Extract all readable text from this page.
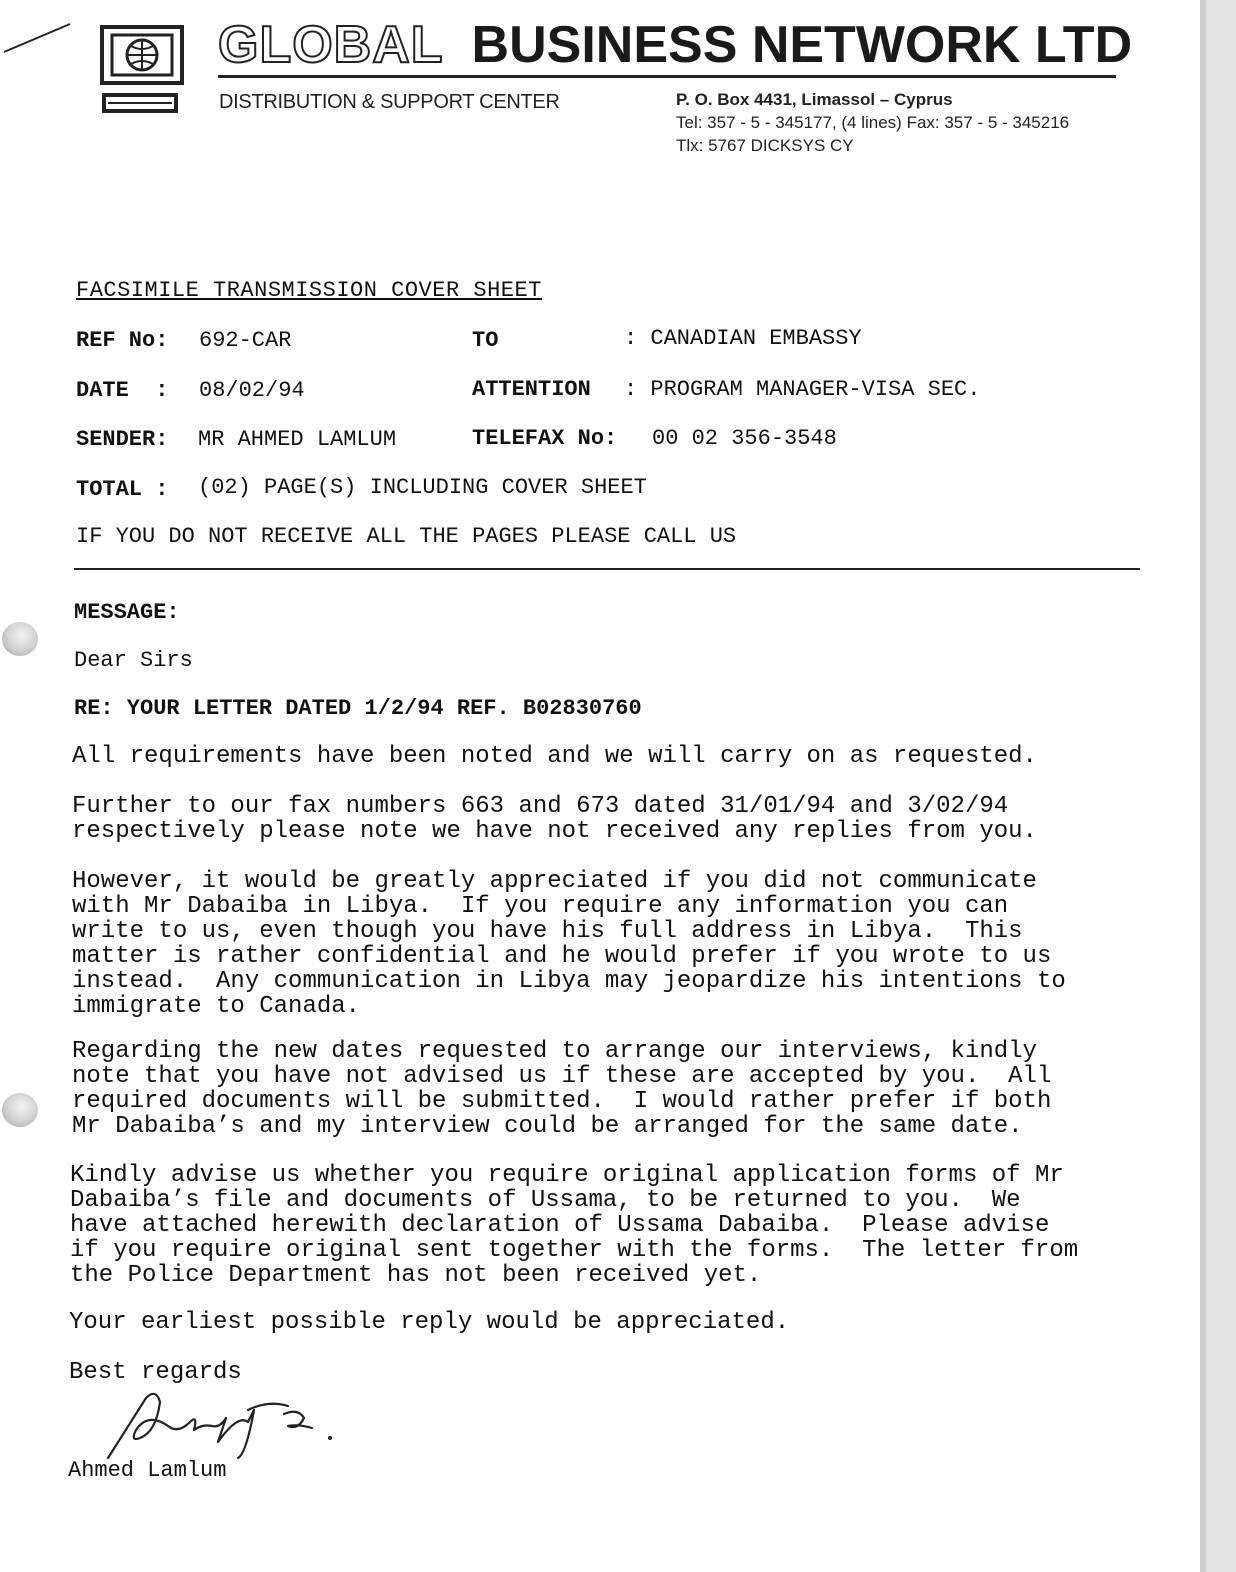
GLOBAL BUSINESS NETWORK LTD
DISTRIBUTION & SUPPORT CENTER	P. O. Box 4431, Limassol – Cyprus
Tel: 357 - 5 - 345177, (4 lines) Fax: 357 - 5 - 345216
Tlx: 5767 DICKSYS CY
FACSIMILE TRANSMISSION COVER SHEET
REF No: 692-CAR	TO	: CANADIAN EMBASSY
DATE  : 08/02/94	ATTENTION : PROGRAM MANAGER-VISA SEC.
SENDER: MR AHMED LAMLUM	TELEFAX No: 00 02 356-3548
TOTAL : (02) PAGE(S) INCLUDING COVER SHEET
IF YOU DO NOT RECEIVE ALL THE PAGES PLEASE CALL US
MESSAGE:
Dear Sirs
RE: YOUR LETTER DATED 1/2/94 REF. B02830760
All requirements have been noted and we will carry on as requested.
Further to our fax numbers 663 and 673 dated 31/01/94 and 3/02/94
respectively please note we have not received any replies from you.
However, it would be greatly appreciated if you did not communicate
with Mr Dabaiba in Libya.  If you require any information you can
write to us, even though you have his full address in Libya.  This
matter is rather confidential and he would prefer if you wrote to us
instead.  Any communication in Libya may jeopardize his intentions to
immigrate to Canada.
Regarding the new dates requested to arrange our interviews, kindly
note that you have not advised us if these are accepted by you.  All
required documents will be submitted.  I would rather prefer if both
Mr Dabaiba’s and my interview could be arranged for the same date.
Kindly advise us whether you require original application forms of Mr
Dabaiba’s file and documents of Ussama, to be returned to you.  We
have attached herewith declaration of Ussama Dabaiba.  Please advise
if you require original sent together with the forms.  The letter from
the Police Department has not been received yet.
Your earliest possible reply would be appreciated.
Best regards
Ahmed Lamlum
